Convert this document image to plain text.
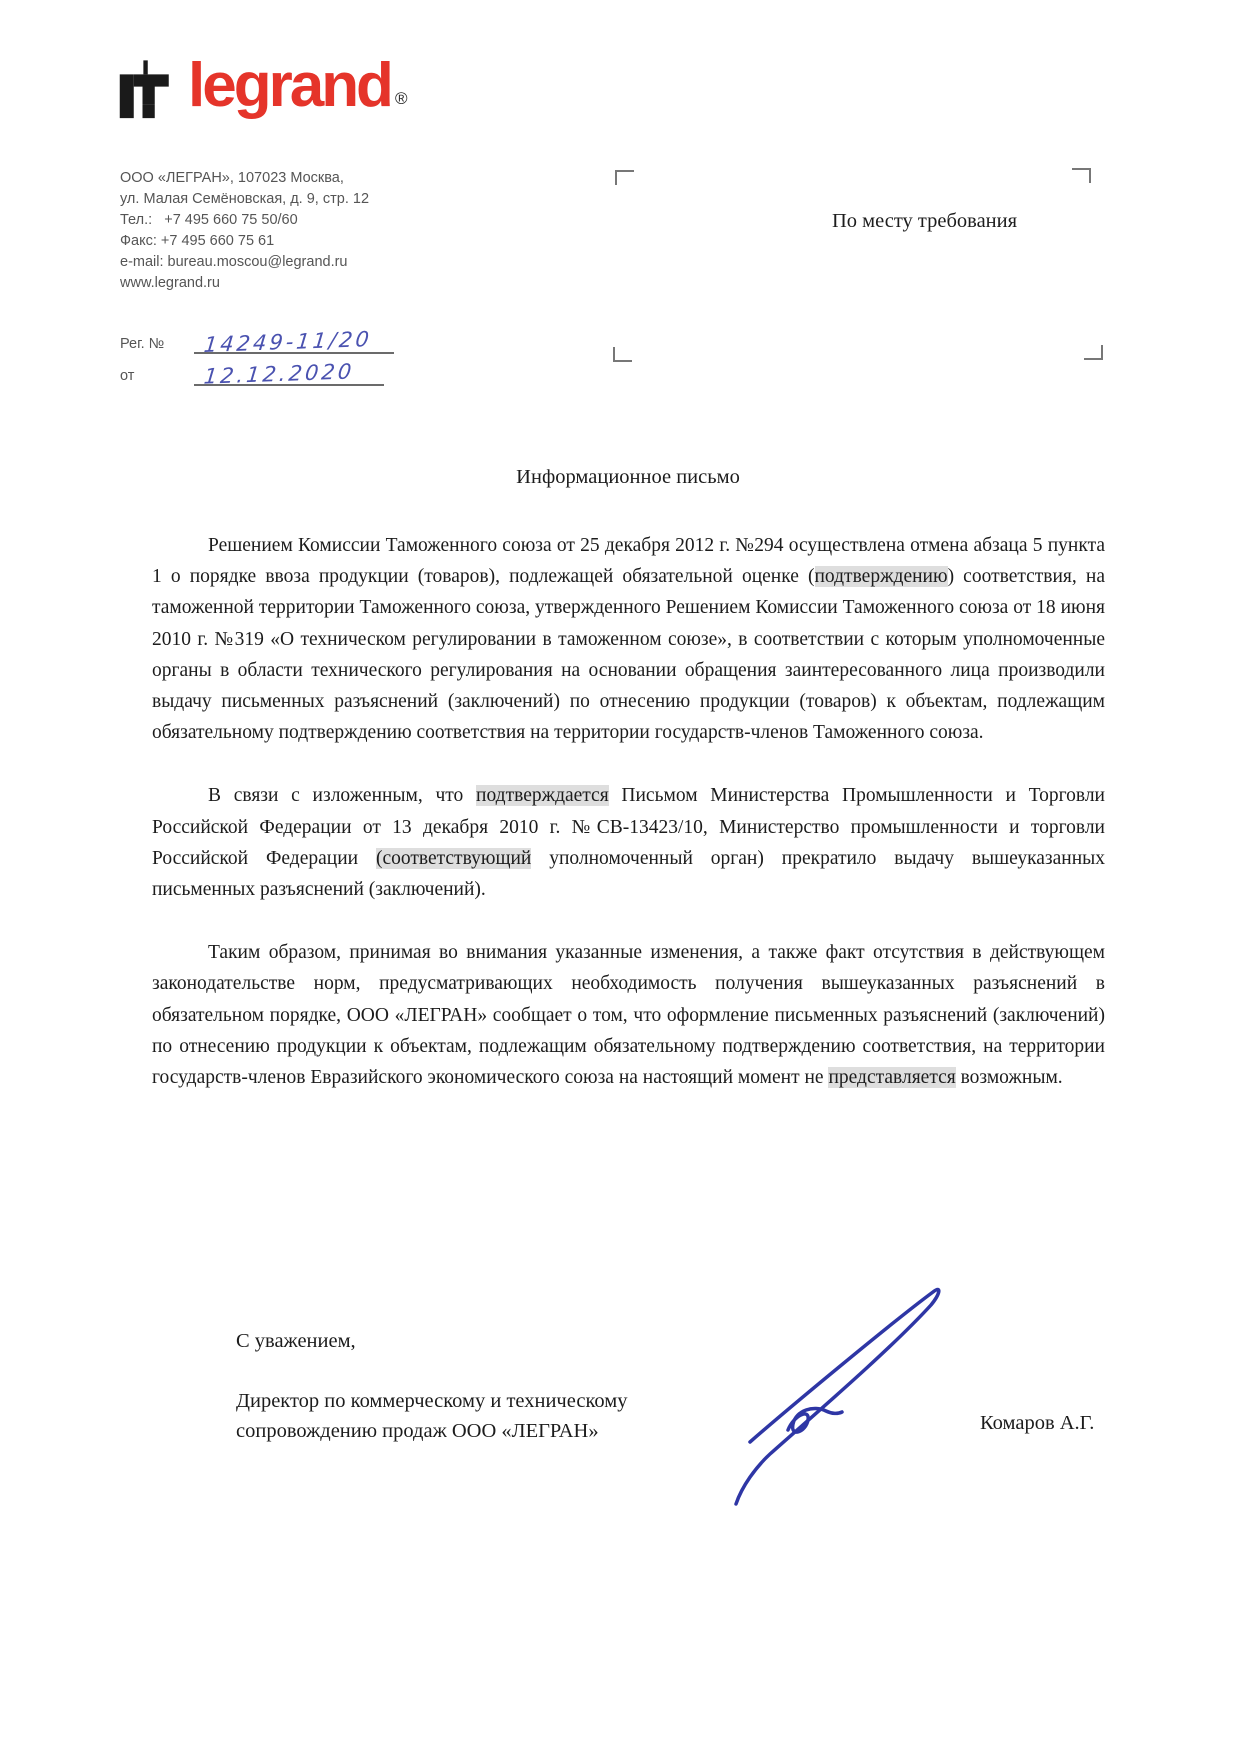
legrand ®
ООО «ЛЕГРАН», 107023 Москва,
ул. Малая Семёновская, д. 9, стр. 12
Тел.:   +7 495 660 75 50/60
Факс: +7 495 660 75 61
e-mail: bureau.moscou@legrand.ru
www.legrand.ru
Рег. №	14249-11/20
от	12.12.2020
По месту требования
Информационное письмо

Решением Комиссии Таможенного союза от 25 декабря 2012 г. №294 осуществлена отмена абзаца 5 пункта 1 о порядке ввоза продукции (товаров), подлежащей обязательной оценке (подтверждению) соответствия, на таможенной территории Таможенного союза, утвержденного Решением Комиссии Таможенного союза от 18 июня 2010 г. №319 «О техническом регулировании в таможенном союзе», в соответствии с которым уполномоченные органы в области технического регулирования на основании обращения заинтересованного лица производили выдачу письменных разъяснений (заключений) по отнесению продукции (товаров) к объектам, подлежащим обязательному подтверждению соответствия на территории государств-членов Таможенного союза.

В связи с изложенным, что подтверждается Письмом Министерства Промышленности и Торговли Российской Федерации от 13 декабря 2010 г. №СВ-13423/10, Министерство промышленности и торговли Российской Федерации (соответствующий уполномоченный орган) прекратило выдачу вышеуказанных письменных разъяснений (заключений).

Таким образом, принимая во внимания указанные изменения, а также факт отсутствия в действующем законодательстве норм, предусматривающих необходимость получения вышеуказанных разъяснений в обязательном порядке, ООО «ЛЕГРАН» сообщает о том, что оформление письменных разъяснений (заключений) по отнесению продукции к объектам, подлежащим обязательному подтверждению соответствия, на территории государств-членов Евразийского экономического союза на настоящий момент не представляется возможным.

С уважением,
Директор по коммерческому и техническому
сопровождению продаж ООО «ЛЕГРАН»	Комаров А.Г.
